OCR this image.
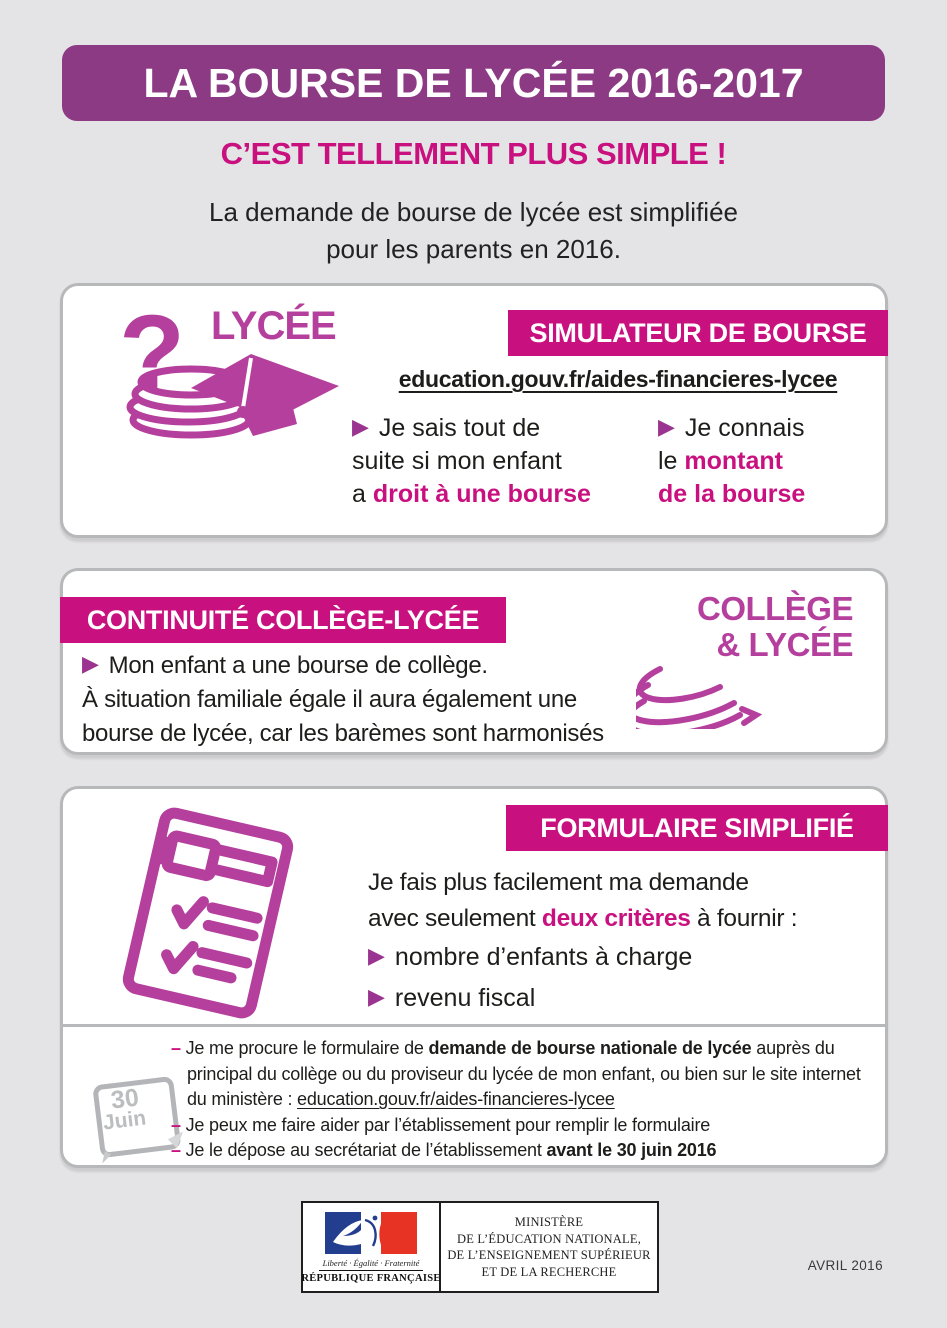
LA BOURSE DE LYCÉE 2016-2017
C’EST TELLEMENT PLUS SIMPLE !
La demande de bourse de lycée est simplifiée
pour les parents en 2016.
? LYCÉE	SIMULATEUR DE BOURSE
education.gouv.fr/aides-financieres-lycee
▶ Je sais tout de
suite si mon enfant
a droit à une bourse
▶ Je connais
le montant
de la bourse
CONTINUITÉ COLLÈGE-LYCÉE
▶ Mon enfant a une bourse de collège.
À situation familiale égale il aura également une
bourse de lycée, car les barèmes sont harmonisés
COLLÈGE
& LYCÉE
FORMULAIRE SIMPLIFIÉ
Je fais plus facilement ma demande
avec seulement deux critères à fournir :
▶ nombre d’enfants à charge
▶ revenu fiscal
30
Juin
– Je me procure le formulaire de demande de bourse nationale de lycée auprès du principal du collège ou du proviseur du lycée de mon enfant, ou bien sur le site internet du ministère : education.gouv.fr/aides-financieres-lycee
– Je peux me faire aider par l’établissement pour remplir le formulaire
– Je le dépose au secrétariat de l’établissement avant le 30 juin 2016
Liberté · Égalité · Fraternité
RÉPUBLIQUE FRANÇAISE
MINISTÈRE
DE L’ÉDUCATION NATIONALE,
DE L’ENSEIGNEMENT SUPÉRIEUR
ET DE LA RECHERCHE	AVRIL 2016
